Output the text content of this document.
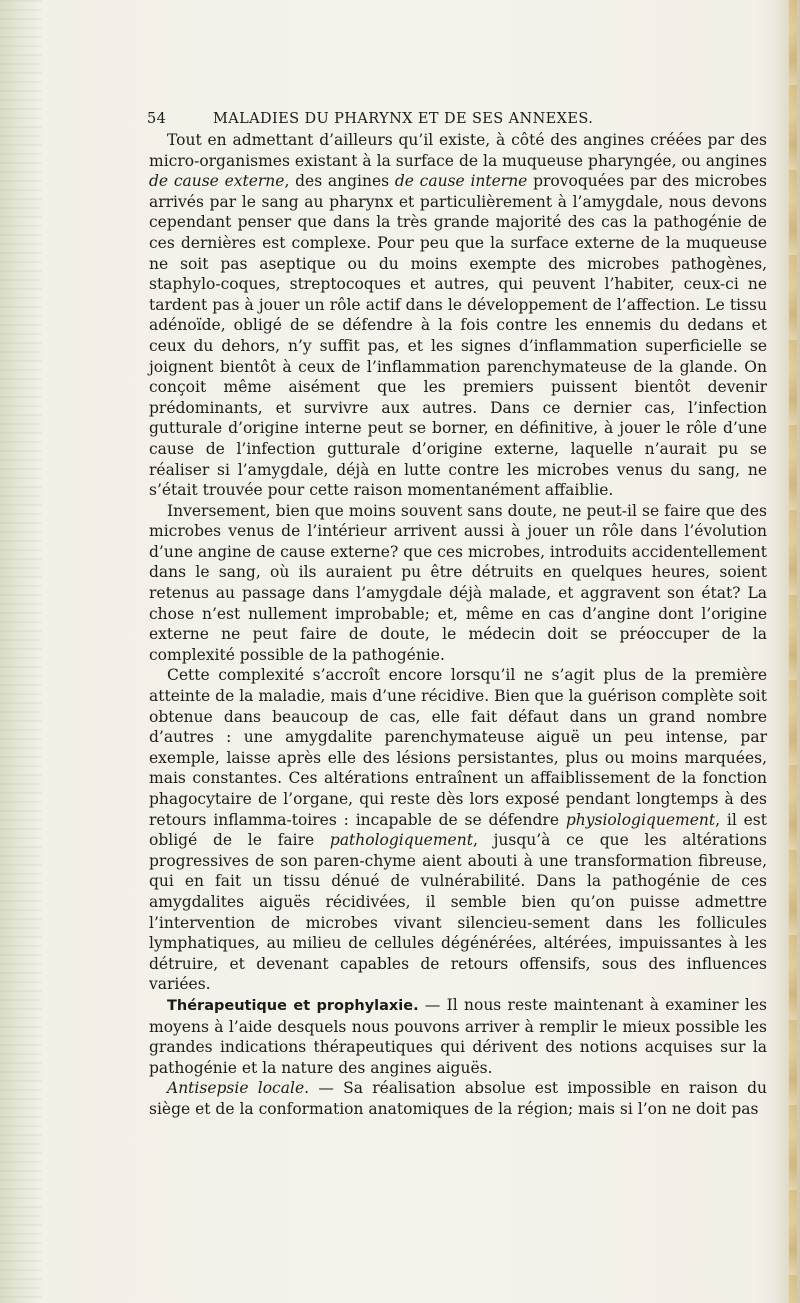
54	MALADIES DU PHARYNX ET DE SES ANNEXES.

Tout en admettant d’ailleurs qu’il existe, à côté des angines créées par des micro-organismes existant à la surface de la muqueuse pharyngée, ou angines de cause externe, des angines de cause interne provoquées par des microbes arrivés par le sang au pharynx et particulièrement à l’amygdale, nous devons cependant penser que dans la très grande majorité des cas la pathogénie de ces dernières est complexe. Pour peu que la surface externe de la muqueuse ne soit pas aseptique ou du moins exempte des microbes pathogènes, staphylo-coques, streptocoques et autres, qui peuvent l’habiter, ceux-ci ne tardent pas à jouer un rôle actif dans le développement de l’affection. Le tissu adénoïde, obligé de se défendre à la fois contre les ennemis du dedans et ceux du dehors, n’y suffit pas, et les signes d’inflammation superficielle se joignent bientôt à ceux de l’inflammation parenchymateuse de la glande. On conçoit même aisément que les premiers puissent bientôt devenir prédominants, et survivre aux autres. Dans ce dernier cas, l’infection gutturale d’origine interne peut se borner, en définitive, à jouer le rôle d’une cause de l’infection gutturale d’origine externe, laquelle n’aurait pu se réaliser si l’amygdale, déjà en lutte contre les microbes venus du sang, ne s’était trouvée pour cette raison momentanément affaiblie.

Inversement, bien que moins souvent sans doute, ne peut-il se faire que des microbes venus de l’intérieur arrivent aussi à jouer un rôle dans l’évolution d’une angine de cause externe? que ces microbes, introduits accidentellement dans le sang, où ils auraient pu être détruits en quelques heures, soient retenus au passage dans l’amygdale déjà malade, et aggravent son état? La chose n’est nullement improbable; et, même en cas d’angine dont l’origine externe ne peut faire de doute, le médecin doit se préoccuper de la complexité possible de la pathogénie.

Cette complexité s’accroît encore lorsqu’il ne s’agit plus de la première atteinte de la maladie, mais d’une récidive. Bien que la guérison complète soit obtenue dans beaucoup de cas, elle fait défaut dans un grand nombre d’autres : une amygdalite parenchymateuse aiguë un peu intense, par exemple, laisse après elle des lésions persistantes, plus ou moins marquées, mais constantes. Ces altérations entraînent un affaiblissement de la fonction phagocytaire de l’organe, qui reste dès lors exposé pendant longtemps à des retours inflamma-toires : incapable de se défendre physiologiquement, il est obligé de le faire pathologiquement, jusqu’à ce que les altérations progressives de son paren-chyme aient abouti à une transformation fibreuse, qui en fait un tissu dénué de vulnérabilité. Dans la pathogénie de ces amygdalites aiguës récidivées, il semble bien qu’on puisse admettre l’intervention de microbes vivant silencieu-sement dans les follicules lymphatiques, au milieu de cellules dégénérées, altérées, impuissantes à les détruire, et devenant capables de retours offensifs, sous des influences variées.

Thérapeutique et prophylaxie. — Il nous reste maintenant à examiner les moyens à l’aide desquels nous pouvons arriver à remplir le mieux possible les grandes indications thérapeutiques qui dérivent des notions acquises sur la pathogénie et la nature des angines aiguës.

Antisepsie locale. — Sa réalisation absolue est impossible en raison du siège et de la conformation anatomiques de la région; mais si l’on ne doit pas
